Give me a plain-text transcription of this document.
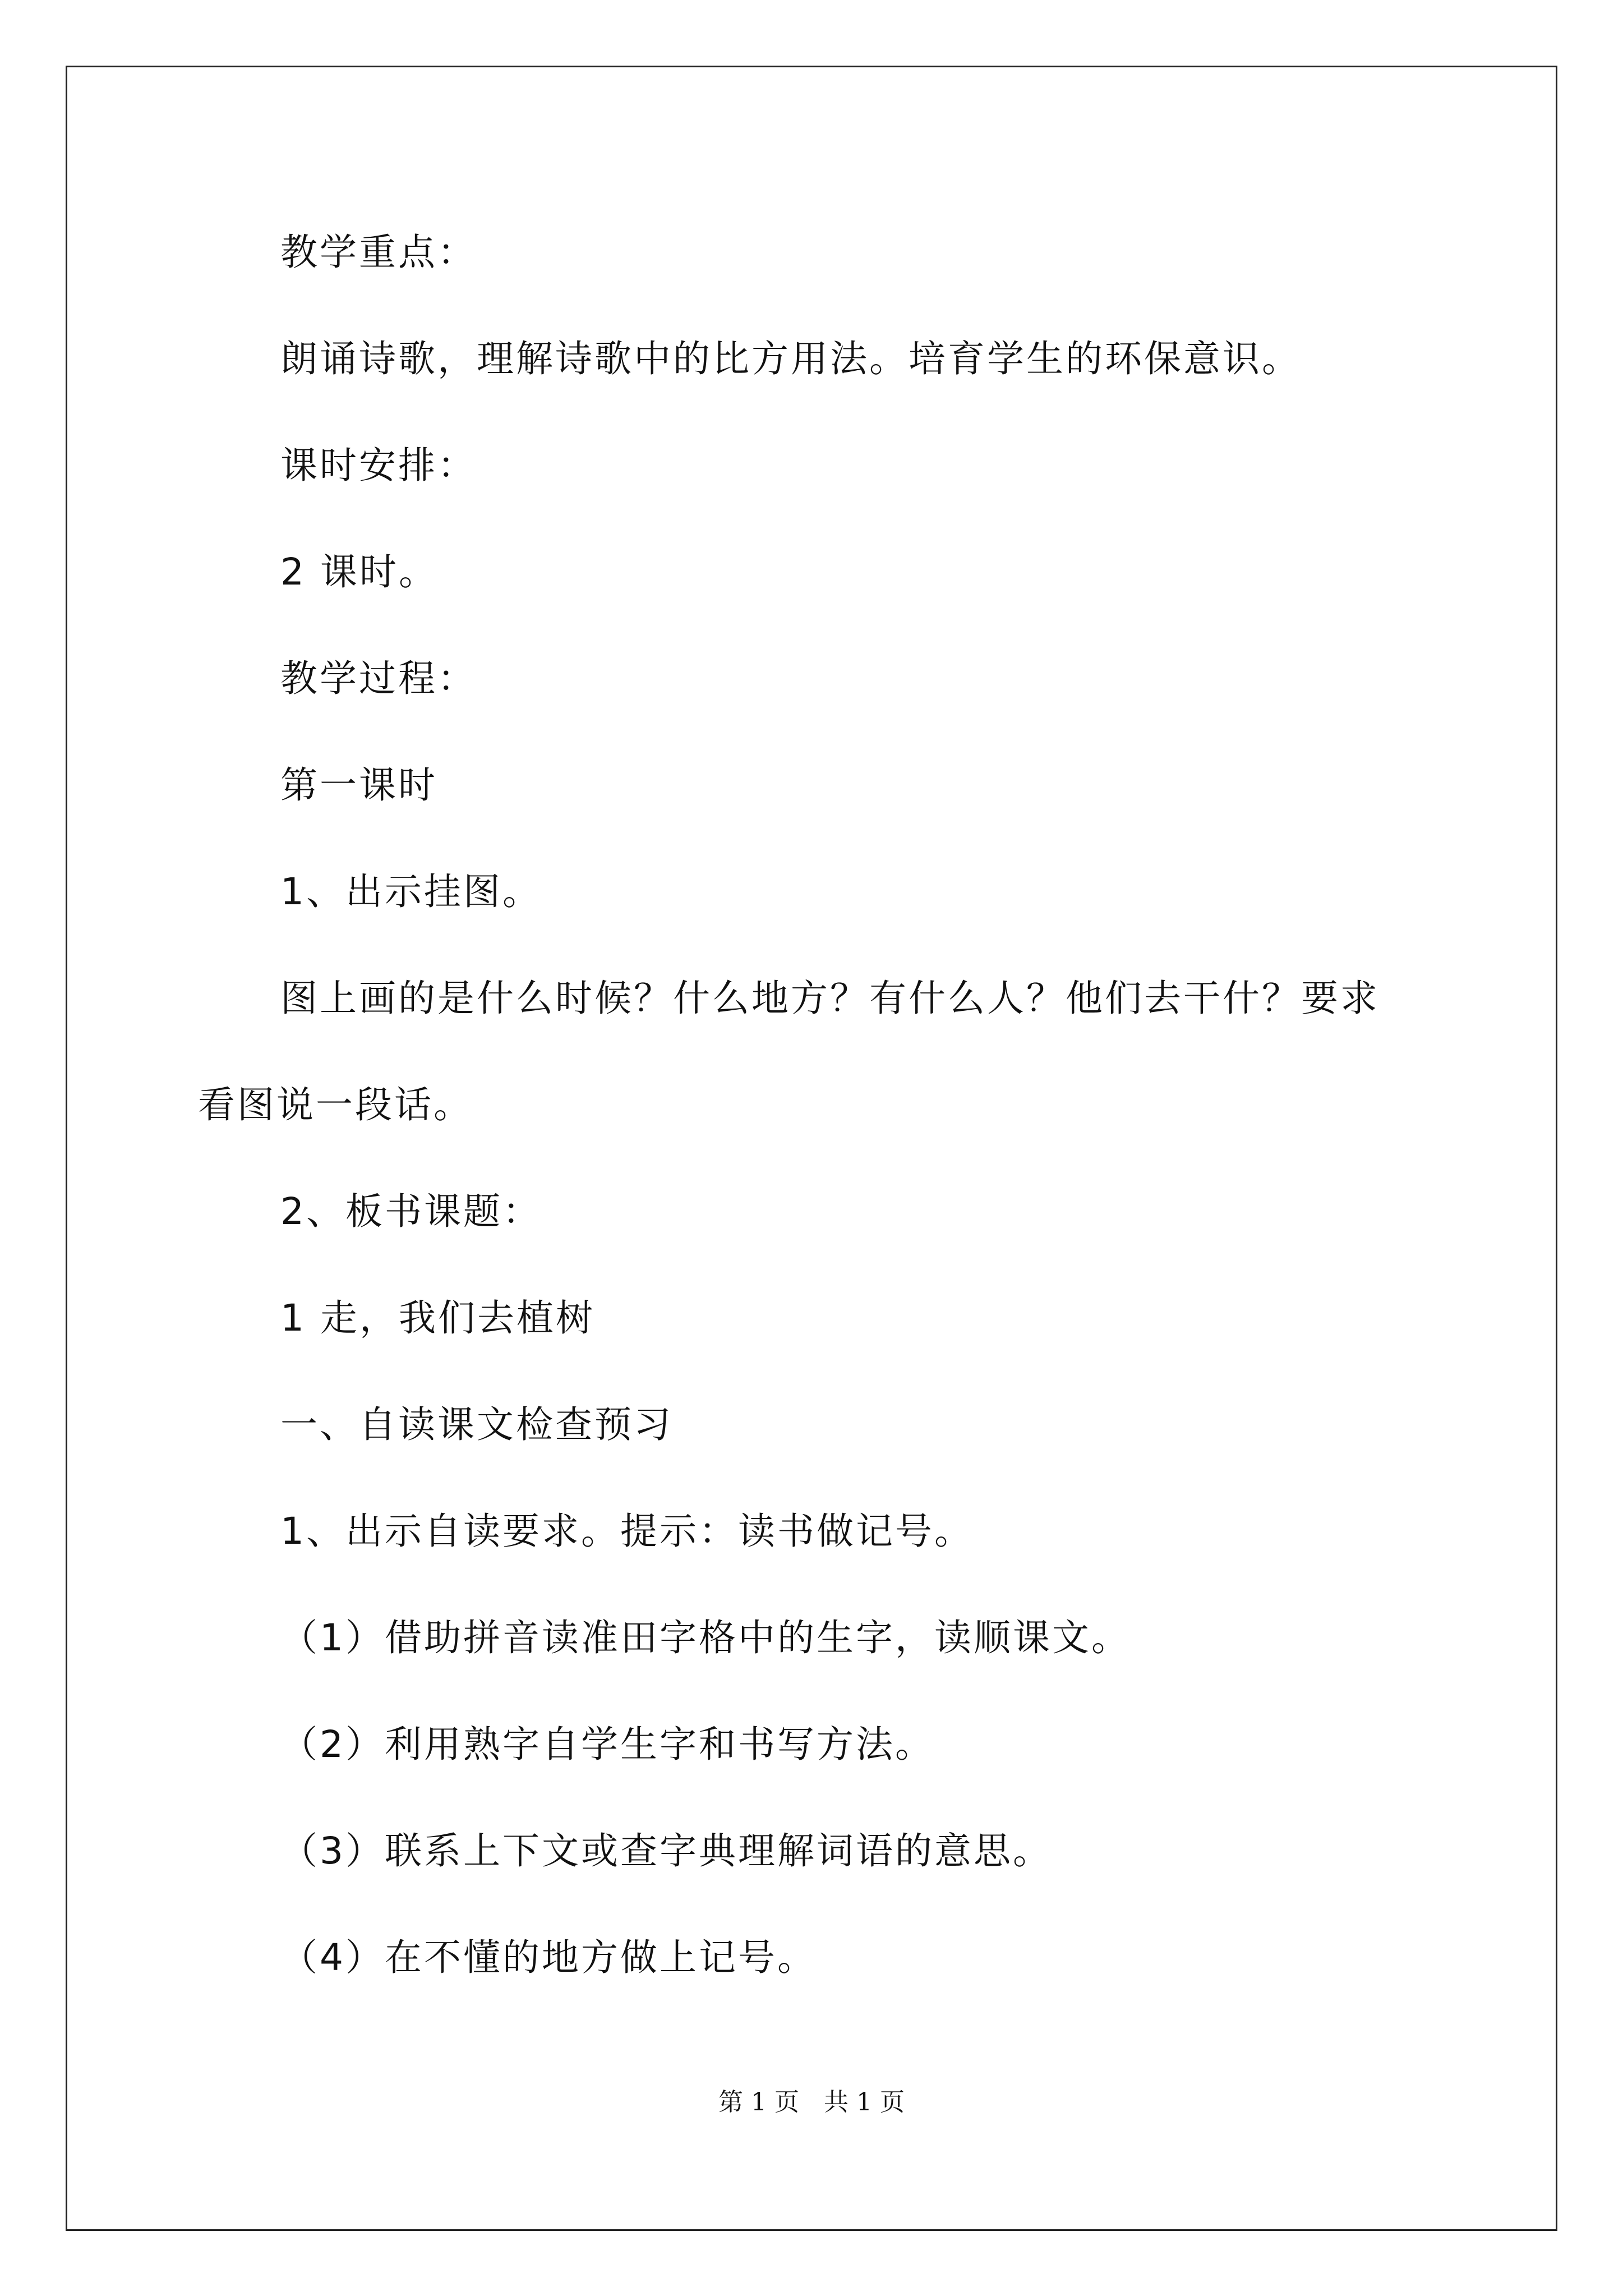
教学重点：
朗诵诗歌，理解诗歌中的比方用法。培育学生的环保意识。
课时安排：
2 课时。
教学过程：
第一课时
1、出示挂图。
图上画的是什么时候？什么地方？有什么人？他们去干什？要求
看图说一段话。
2、板书课题：
1 走，我们去植树
一、自读课文检查预习
1、出示自读要求。提示：读书做记号。
（1）借助拼音读准田字格中的生字，读顺课文。
（2）利用熟字自学生字和书写方法。
（3）联系上下文或查字典理解词语的意思。
（4）在不懂的地方做上记号。
第 1 页　共 1 页
